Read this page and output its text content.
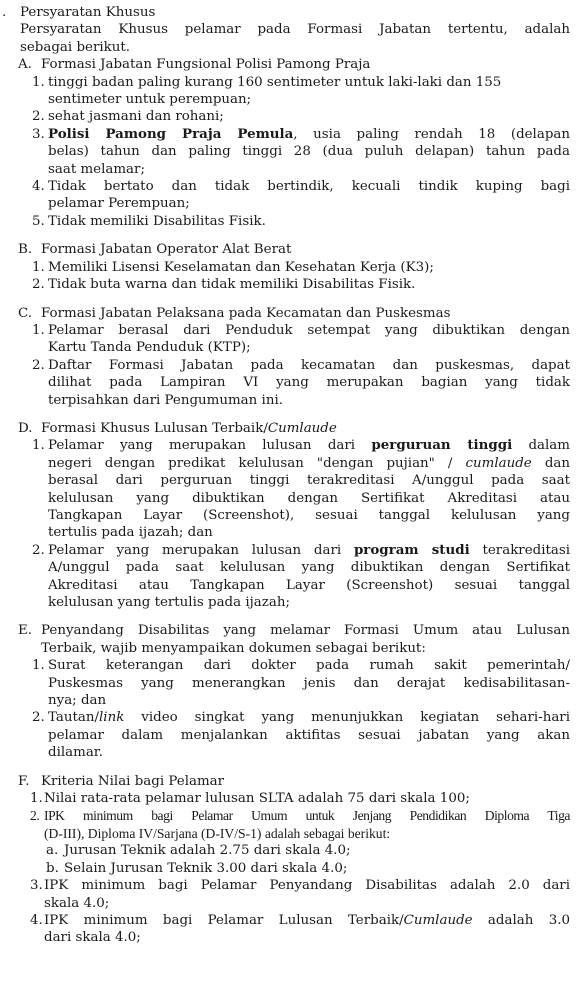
. Persyaratan Khusus
Persyaratan Khusus pelamar pada Formasi Jabatan tertentu, adalah
sebagai berikut.
A. Formasi Jabatan Fungsional Polisi Pamong Praja
1. tinggi badan paling kurang 160 sentimeter untuk laki-laki dan 155
sentimeter untuk perempuan;
2. sehat jasmani dan rohani;
3. Polisi Pamong Praja Pemula, usia paling rendah 18 (delapan
belas) tahun dan paling tinggi 28 (dua puluh delapan) tahun pada
saat melamar;
4. Tidak bertato dan tidak bertindik, kecuali tindik kuping bagi
pelamar Perempuan;
5. Tidak memiliki Disabilitas Fisik.
B. Formasi Jabatan Operator Alat Berat
1. Memiliki Lisensi Keselamatan dan Kesehatan Kerja (K3);
2. Tidak buta warna dan tidak memiliki Disabilitas Fisik.
C. Formasi Jabatan Pelaksana pada Kecamatan dan Puskesmas
1. Pelamar berasal dari Penduduk setempat yang dibuktikan dengan
Kartu Tanda Penduduk (KTP);
2. Daftar Formasi Jabatan pada kecamatan dan puskesmas, dapat
dilihat pada Lampiran VI yang merupakan bagian yang tidak
terpisahkan dari Pengumuman ini.
D. Formasi Khusus Lulusan Terbaik/Cumlaude
1. Pelamar yang merupakan lulusan dari perguruan tinggi dalam
negeri dengan predikat kelulusan "dengan pujian" / cumlaude dan
berasal dari perguruan tinggi terakreditasi A/unggul pada saat
kelulusan yang dibuktikan dengan Sertifikat Akreditasi atau
Tangkapan Layar (Screenshot), sesuai tanggal kelulusan yang
tertulis pada ijazah; dan
2. Pelamar yang merupakan lulusan dari program studi terakreditasi
A/unggul pada saat kelulusan yang dibuktikan dengan Sertifikat
Akreditasi atau Tangkapan Layar (Screenshot) sesuai tanggal
kelulusan yang tertulis pada ijazah;
E. Penyandang Disabilitas yang melamar Formasi Umum atau Lulusan
Terbaik, wajib menyampaikan dokumen sebagai berikut:
1. Surat keterangan dari dokter pada rumah sakit pemerintah/
Puskesmas yang menerangkan jenis dan derajat kedisabilitasan-
nya; dan
2. Tautan/link video singkat yang menunjukkan kegiatan sehari-hari
pelamar dalam menjalankan aktifitas sesuai jabatan yang akan
dilamar.
F. Kriteria Nilai bagi Pelamar
1. Nilai rata-rata pelamar lulusan SLTA adalah 75 dari skala 100;
2. IPK minimum bagi Pelamar Umum untuk Jenjang Pendidikan Diploma Tiga
(D-III), Diploma IV/Sarjana (D-IV/S-1) adalah sebagai berikut:
a. Jurusan Teknik adalah 2.75 dari skala 4.0;
b. Selain Jurusan Teknik 3.00 dari skala 4.0;
3. IPK minimum bagi Pelamar Penyandang Disabilitas adalah 2.0 dari
skala 4.0;
4. IPK minimum bagi Pelamar Lulusan Terbaik/Cumlaude adalah 3.0
dari skala 4.0;
